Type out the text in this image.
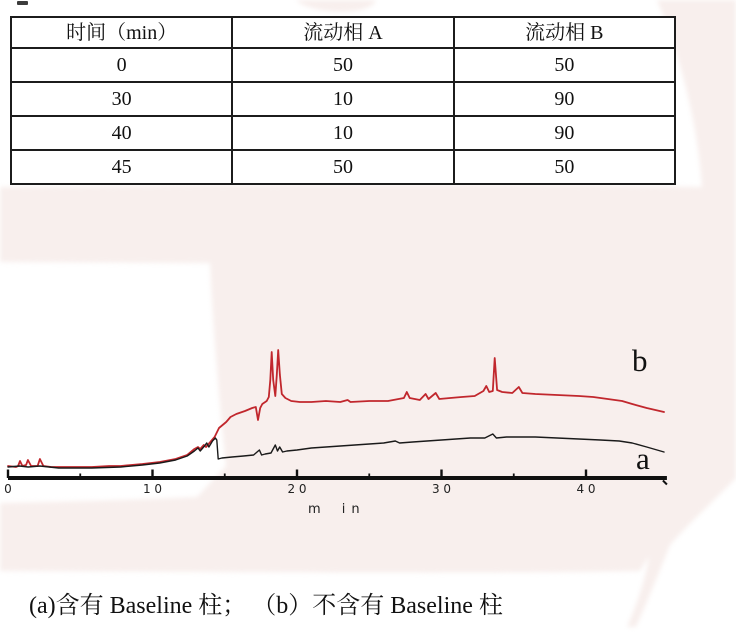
时间（min）	流动相 A	流动相 B
0	50	50
30	10	90
40	10	90
45	50	50
0	1 0	2 0	3 0	4 0
m in
b
a
(a)含有 Baseline 柱； （b）不含有 Baseline 柱
